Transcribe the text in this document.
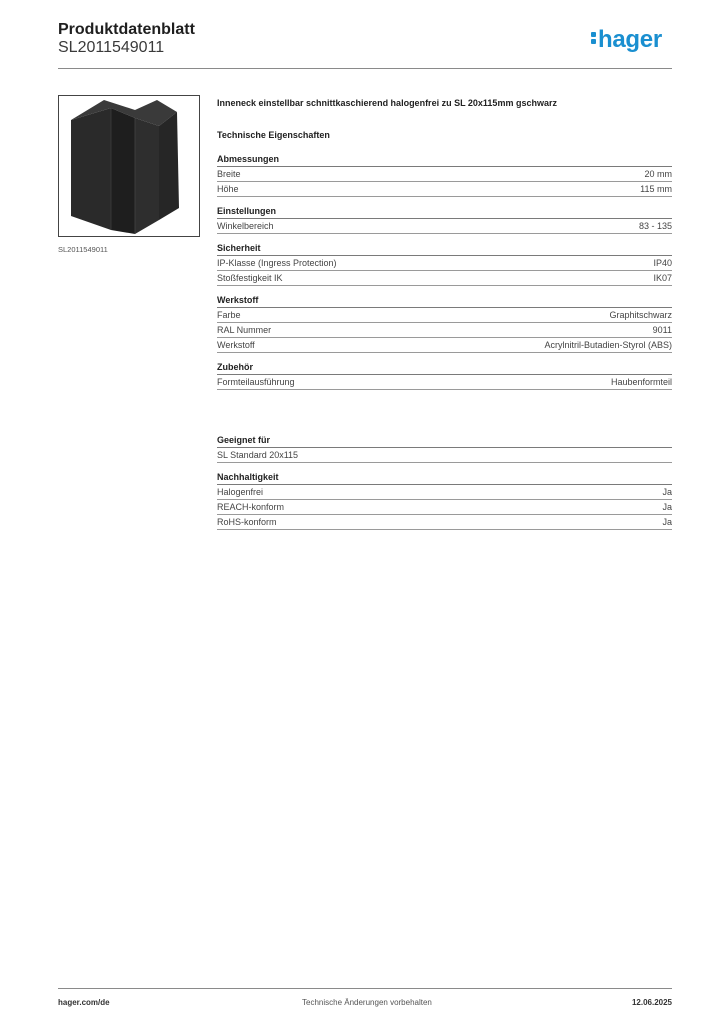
Produktdatenblatt
SL2011549011	hager
SL2011549011
Inneneck einstellbar schnittkaschierend halogenfrei zu SL 20x115mm gschwarz
Technische Eigenschaften
Abmessungen
Breite	20 mm
Höhe	115 mm
Einstellungen
Winkelbereich	83 - 135
Sicherheit
IP-Klasse (Ingress Protection)	IP40
Stoßfestigkeit IK	IK07
Werkstoff
Farbe	Graphitschwarz
RAL Nummer	9011
Werkstoff	Acrylnitril-Butadien-Styrol (ABS)
Zubehör
Formteilausführung	Haubenformteil
Geeignet für
SL Standard 20x115
Nachhaltigkeit
Halogenfrei	Ja
REACH-konform	Ja
RoHS-konform	Ja
hager.com/de	Technische Änderungen vorbehalten	12.06.2025
